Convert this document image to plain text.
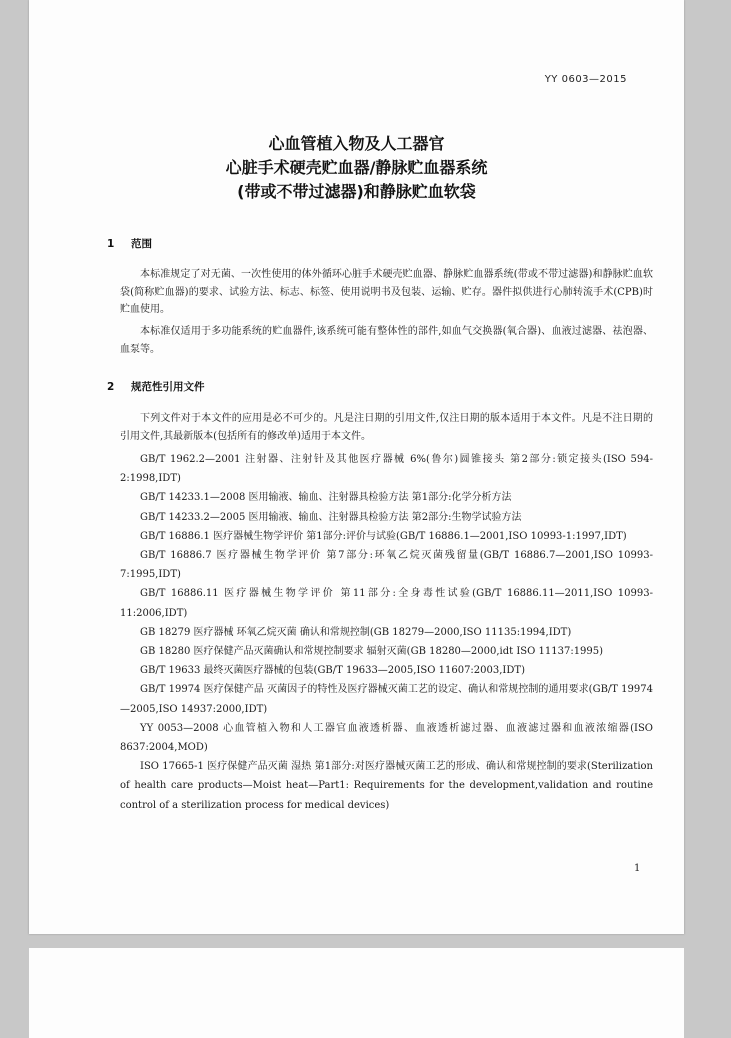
YY 0603—2015
心血管植入物及人工器官
心脏手术硬壳贮血器/静脉贮血器系统
(带或不带过滤器)和静脉贮血软袋
1 范围
本标准规定了对无菌、一次性使用的体外循环心脏手术硬壳贮血器、静脉贮血器系统(带或不带过滤器)和静脉贮血软袋(简称贮血器)的要求、试验方法、标志、标签、使用说明书及包装、运输、贮存。器件拟供进行心肺转流手术(CPB)时贮血使用。
本标准仅适用于多功能系统的贮血器件,该系统可能有整体性的部件,如血气交换器(氧合器)、血液过滤器、祛泡器、血泵等。
2 规范性引用文件
下列文件对于本文件的应用是必不可少的。凡是注日期的引用文件,仅注日期的版本适用于本文件。凡是不注日期的引用文件,其最新版本(包括所有的修改单)适用于本文件。

GB/T 1962.2—2001 注射器、注射针及其他医疗器械 6%(鲁尔)圆锥接头 第2部分:锁定接头(ISO 594-2:1998,IDT)

GB/T 14233.1—2008 医用输液、输血、注射器具检验方法 第1部分:化学分析方法

GB/T 14233.2—2005 医用输液、输血、注射器具检验方法 第2部分:生物学试验方法

GB/T 16886.1 医疗器械生物学评价 第1部分:评价与试验(GB/T 16886.1—2001,ISO 10993-1:1997,IDT)

GB/T 16886.7 医疗器械生物学评价 第7部分:环氧乙烷灭菌残留量(GB/T 16886.7—2001,ISO 10993-7:1995,IDT)

GB/T 16886.11 医疗器械生物学评价 第11部分:全身毒性试验(GB/T 16886.11—2011,ISO 10993-11:2006,IDT)

GB 18279 医疗器械 环氧乙烷灭菌 确认和常规控制(GB 18279—2000,ISO 11135:1994,IDT)

GB 18280 医疗保健产品灭菌确认和常规控制要求 辐射灭菌(GB 18280—2000,idt ISO 11137:1995)

GB/T 19633 最终灭菌医疗器械的包装(GB/T 19633—2005,ISO 11607:2003,IDT)

GB/T 19974 医疗保健产品 灭菌因子的特性及医疗器械灭菌工艺的设定、确认和常规控制的通用要求(GB/T 19974—2005,ISO 14937:2000,IDT)

YY 0053—2008 心血管植入物和人工器官血液透析器、血液透析滤过器、血液滤过器和血液浓缩器(ISO 8637:2004,MOD)

ISO 17665-1 医疗保健产品灭菌 湿热 第1部分:对医疗器械灭菌工艺的形成、确认和常规控制的要求(Sterilization of health care products—Moist heat—Part1: Requirements for the development,validation and routine control of a sterilization process for medical devices)

1
